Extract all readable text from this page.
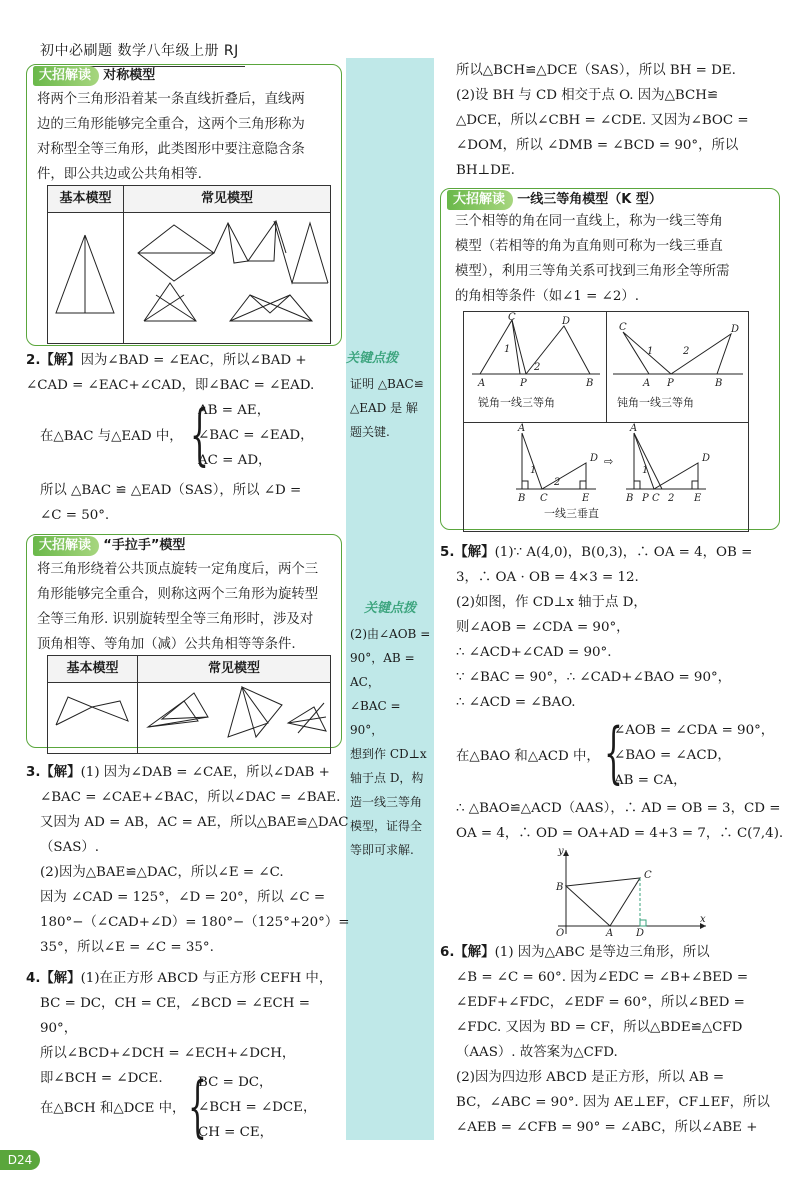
初中必刷题 数学八年级上册 RJ
大招解读 对称模型
将两个三角形沿着某一条直线折叠后，直线两
边的三角形能够完全重合，这两个三角形称为
对称型全等三角形，此类图形中要注意隐含条
件，即公共边或公共角相等.
基本模型	常见模型

2.【解】因为∠BAD = ∠EAC，所以∠BAD +
∠CAD = ∠EAC+∠CAD，即∠BAC = ∠EAD.
在△BAC 与△EAD 中， {
AB = AE，
∠BAC = ∠EAD，
AC = AD，
所以 △BAC ≌ △EAD（SAS），所以 ∠D =
∠C = 50°.
大招解读 “手拉手”模型
将三角形绕着公共顶点旋转一定角度后，两个三
角形能够完全重合，则称这两个三角形为旋转型
全等三角形. 识别旋转型全等三角形时，涉及对
顶角相等、等角加（减）公共角相等等条件.
基本模型	常见模型

3.【解】(1) 因为∠DAB = ∠CAE，所以∠DAB +
∠BAC = ∠CAE+∠BAC，所以∠DAC = ∠BAE.
又因为 AD = AB，AC = AE，所以△BAE≌△DAC
（SAS）.
(2)因为△BAE≌△DAC，所以∠E = ∠C.
因为 ∠CAD = 125°，∠D = 20°，所以 ∠C =
180°−（∠CAD+∠D）= 180°−（125°+20°）=
35°，所以∠E = ∠C = 35°.
4.【解】(1)在正方形 ABCD 与正方形 CEFH 中，
BC = DC，CH = CE，∠BCD = ∠ECH = 90°，
所以∠BCD+∠DCH = ∠ECH+∠DCH，
即∠BCH = ∠DCE.
在△BCH 和△DCE 中， {
BC = DC，
∠BCH = ∠DCE，
CH = CE，
关键点拨
证明 △BAC≌
△EAD 是 解
题关键.
关键点拨
(2)由∠AOB =
90°，AB = AC，
∠BAC = 90°，
想到作 CD⊥x
轴于点 D，构
造一线三等角
模型，证得全
等即可求解.
所以△BCH≌△DCE（SAS），所以 BH = DE.
(2)设 BH 与 CD 相交于点 O. 因为△BCH≌
△DCE，所以∠CBH = ∠CDE. 又因为∠BOC =
∠DOM，所以 ∠DMB = ∠BCD = 90°，所以
BH⊥DE.
大招解读 一线三等角模型（K 型）
三个相等的角在同一直线上，称为一线三等角
模型（若相等的角为直角则可称为一线三垂直
模型），利用三等角关系可找到三角形全等所需
的角相等条件（如∠1 = ∠2）.
C	D
A	P	B
1
2
锐角一线三等角

C	D
A P	B
1	2
钝角一线三等角

A
D
B C	E
1
2
⇨
A
D
B P C 2 E
1
一线三垂直
5.【解】(1)∵ A(4,0)，B(0,3)，∴ OA = 4，OB =
3，∴ OA · OB = 4×3 = 12.
(2)如图，作 CD⊥x 轴于点 D，
则∠AOB = ∠CDA = 90°，
∴ ∠ACD+∠CAD = 90°.
∵ ∠BAC = 90°，∴ ∠CAD+∠BAO = 90°，
∴ ∠ACD = ∠BAO.
在△BAO 和△ACD 中， {
∠AOB = ∠CDA = 90°，
∠BAO = ∠ACD，
AB = CA，
∴ △BAO≌△ACD（AAS），∴ AD = OB = 3，CD =
OA = 4，∴ OD = OA+AD = 4+3 = 7，∴ C(7,4).
y
x
B
C
O	A D
6.【解】(1) 因为△ABC 是等边三角形，所以
∠B = ∠C = 60°. 因为∠EDC = ∠B+∠BED =
∠EDF+∠FDC，∠EDF = 60°，所以∠BED =
∠FDC. 又因为 BD = CF，所以△BDE≌△CFD
（AAS）. 故答案为△CFD.
(2)因为四边形 ABCD 是正方形，所以 AB =
BC，∠ABC = 90°. 因为 AE⊥EF，CF⊥EF，所以
∠AEB = ∠CFB = 90° = ∠ABC，所以∠ABE +
D24
